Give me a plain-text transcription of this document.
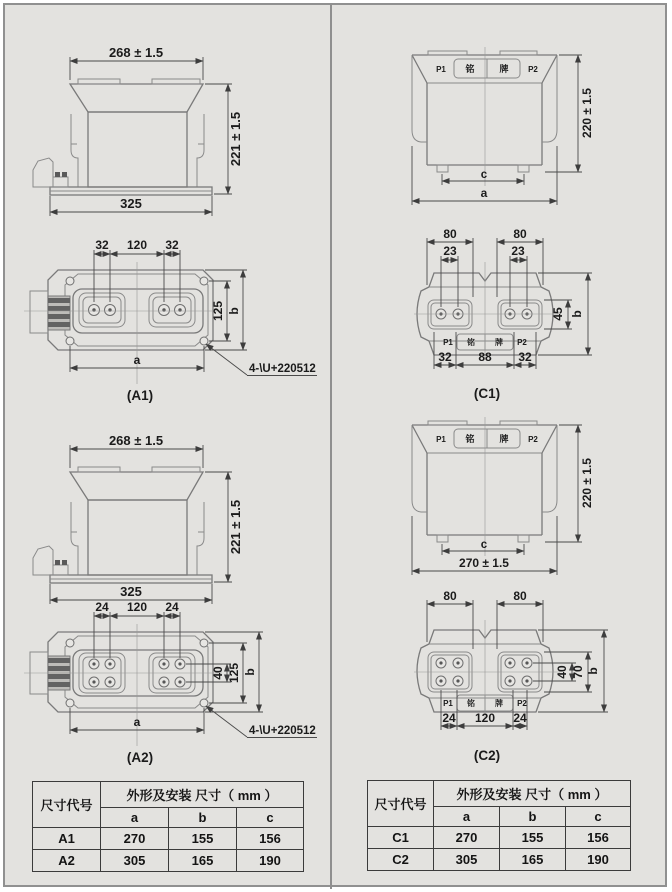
32 120 32
125 b
a
4-\U+220512
(A1)
24 120 24
40 125 b
a
4-\U+220512
(A2)
a
270 ± 1.5
P1 铭	牌 P2
80	80
23	23
45 b
32 88 32
(C1)
P1 铭	牌 P2
80	80
40 70 b
24 120 24
(C2)
尺寸代号	外形及安装 尺寸（ mm ）		
	a	b	c
A1	270	155	156
A2	305	165	190
尺寸代号	外形及安装 尺寸（ mm ）		
	a	b	c
C1	270	155	156
C2	305	165	190
